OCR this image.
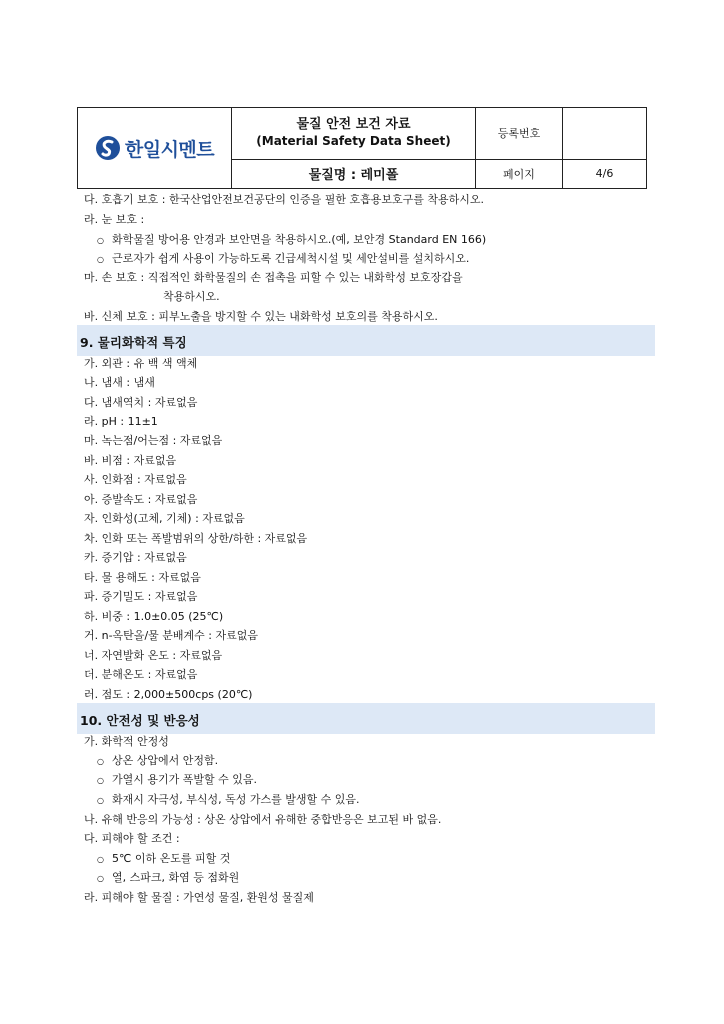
한일시멘트	물질 안전 보건 자료
(Material Safety Data Sheet)	등록번호	
	물질명 : 레미폴	페이지	4/6
다. 호흡기 보호 : 한국산업안전보건공단의 인증을 필한 호흡용보호구를 착용하시오.
라. 눈 보호 :
○ 화학물질 방어용 안경과 보안면을 착용하시오.(예, 보안경 Standard EN 166)
○ 근로자가 쉽게 사용이 가능하도록 긴급세척시설 및 세안설비를 설치하시오.
마. 손 보호 : 직접적인 화학물질의 손 접촉을 피할 수 있는 내화학성 보호장갑을
착용하시오.
바. 신체 보호 : 피부노출을 방지할 수 있는 내화학성 보호의를 착용하시오.
9. 물리화학적 특징
가. 외관 : 유 백 색 액체
나. 냄새 : 냄새
다. 냄새역치 : 자료없음
라. pH : 11±1
마. 녹는점/어는점 : 자료없음
바. 비점 : 자료없음
사. 인화점 : 자료없음
아. 증발속도 : 자료없음
자. 인화성(고체, 기체) : 자료없음
차. 인화 또는 폭발범위의 상한/하한 : 자료없음
카. 증기압 : 자료없음
타. 물 용해도 : 자료없음
파. 증기밀도 : 자료없음
하. 비중 : 1.0±0.05 (25℃)
거. n-옥탄올/물 분배계수 : 자료없음
너. 자연발화 온도 : 자료없음
더. 분해온도 : 자료없음
러. 점도 : 2,000±500cps (20℃)
10. 안전성 및 반응성
가. 화학적 안정성
○ 상온 상압에서 안정함.
○ 가열시 용기가 폭발할 수 있음.
○ 화재시 자극성, 부식성, 독성 가스를 발생할 수 있음.
나. 유해 반응의 가능성 : 상온 상압에서 유해한 중합반응은 보고된 바 없음.
다. 피해야 할 조건 :
○ 5℃ 이하 온도를 피할 것
○ 열, 스파크, 화염 등 점화원
라. 피해야 할 물질 : 가연성 물질, 환원성 물질제
